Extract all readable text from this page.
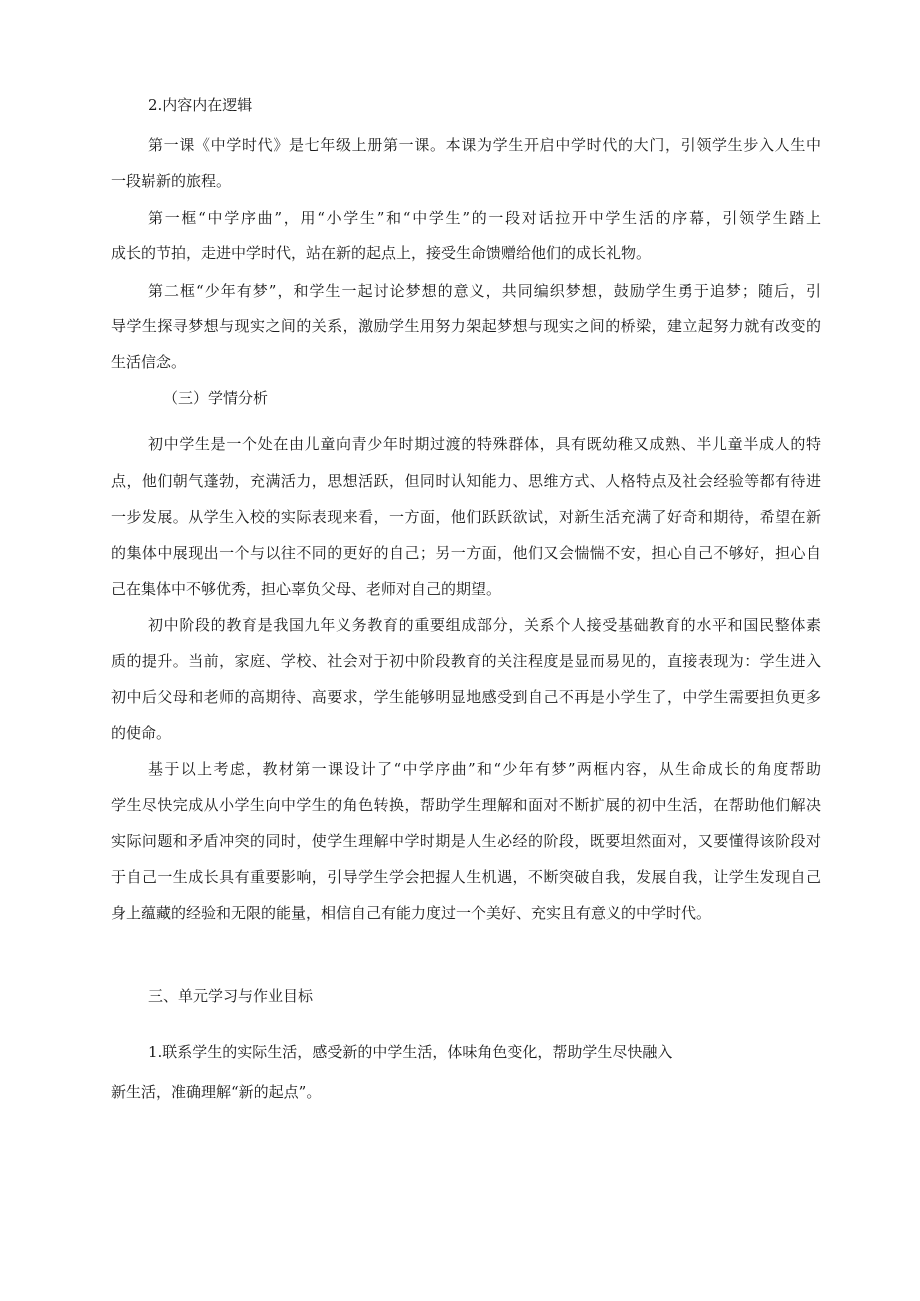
2.内容内在逻辑
第一课《中学时代》是七年级上册第一课。本课为学生开启中学时代的大门，引领学生步入人生中
一段崭新的旅程。
第一框“中学序曲”，用“小学生”和“中学生”的一段对话拉开中学生活的序幕，引领学生踏上
成长的节拍，走进中学时代，站在新的起点上，接受生命馈赠给他们的成长礼物。
第二框“少年有梦”，和学生一起讨论梦想的意义，共同编织梦想，鼓励学生勇于追梦；随后，引
导学生探寻梦想与现实之间的关系，激励学生用努力架起梦想与现实之间的桥梁，建立起努力就有改变的
生活信念。
（三）学情分析
初中学生是一个处在由儿童向青少年时期过渡的特殊群体，具有既幼稚又成熟、半儿童半成人的特
点，他们朝气蓬勃，充满活力，思想活跃，但同时认知能力、思维方式、人格特点及社会经验等都有待进
一步发展。从学生入校的实际表现来看，一方面，他们跃跃欲试，对新生活充满了好奇和期待，希望在新
的集体中展现出一个与以往不同的更好的自己；另一方面，他们又会惴惴不安，担心自己不够好，担心自
己在集体中不够优秀，担心辜负父母、老师对自己的期望。
初中阶段的教育是我国九年义务教育的重要组成部分，关系个人接受基础教育的水平和国民整体素
质的提升。当前，家庭、学校、社会对于初中阶段教育的关注程度是显而易见的，直接表现为：学生进入
初中后父母和老师的高期待、高要求，学生能够明显地感受到自己不再是小学生了，中学生需要担负更多
的使命。
基于以上考虑，教材第一课设计了“中学序曲”和“少年有梦”两框内容，从生命成长的角度帮助
学生尽快完成从小学生向中学生的角色转换，帮助学生理解和面对不断扩展的初中生活，在帮助他们解决
实际问题和矛盾冲突的同时，使学生理解中学时期是人生必经的阶段，既要坦然面对，又要懂得该阶段对
于自己一生成长具有重要影响，引导学生学会把握人生机遇，不断突破自我，发展自我，让学生发现自己
身上蕴藏的经验和无限的能量，相信自己有能力度过一个美好、充实且有意义的中学时代。
三、单元学习与作业目标
1.联系学生的实际生活，感受新的中学生活，体味角色变化，帮助学生尽快融入
新生活，准确理解“新的起点”。
